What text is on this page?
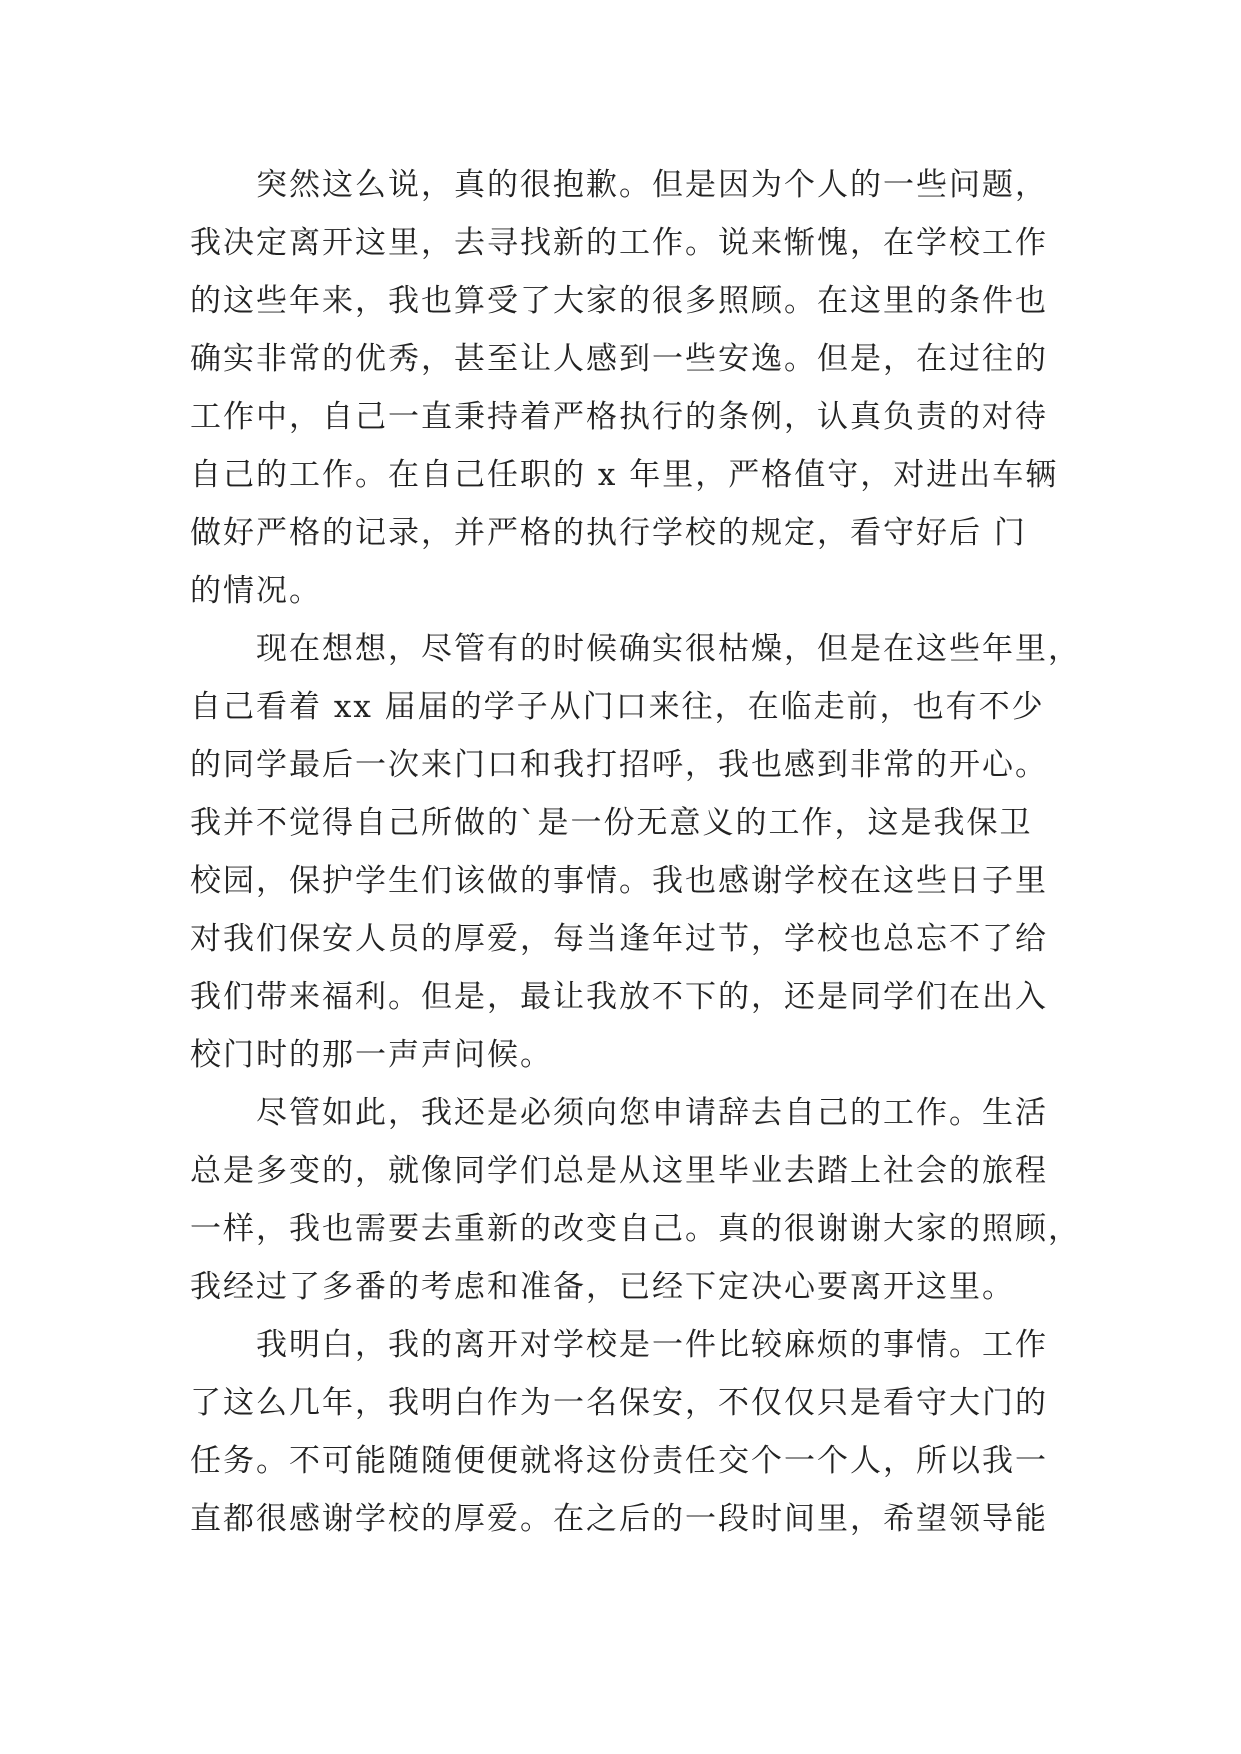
突然这么说，真的很抱歉。但是因为个人的一些问题，
我决定离开这里，去寻找新的工作。说来惭愧，在学校工作
的这些年来，我也算受了大家的很多照顾。在这里的条件也
确实非常的优秀，甚至让人感到一些安逸。但是，在过往的
工作中，自己一直秉持着严格执行的条例，认真负责的对待
自己的工作。在自己任职的 x 年里，严格值守，对进出车辆
做好严格的记录，并严格的执行学校的规定，看守好后 门
的情况。
现在想想，尽管有的时候确实很枯燥，但是在这些年里，
自己看着 xx 届届的学子从门口来往，在临走前，也有不少
的同学最后一次来门口和我打招呼，我也感到非常的开心。
我并不觉得自己所做的`是一份无意义的工作，这是我保卫
校园，保护学生们该做的事情。我也感谢学校在这些日子里
对我们保安人员的厚爱，每当逢年过节，学校也总忘不了给
我们带来福利。但是，最让我放不下的，还是同学们在出入
校门时的那一声声问候。
尽管如此，我还是必须向您申请辞去自己的工作。生活
总是多变的，就像同学们总是从这里毕业去踏上社会的旅程
一样，我也需要去重新的改变自己。真的很谢谢大家的照顾，
我经过了多番的考虑和准备，已经下定决心要离开这里。
我明白，我的离开对学校是一件比较麻烦的事情。工作
了这么几年，我明白作为一名保安，不仅仅只是看守大门的
任务。不可能随随便便就将这份责任交个一个人，所以我一
直都很感谢学校的厚爱。在之后的一段时间里，希望领导能
